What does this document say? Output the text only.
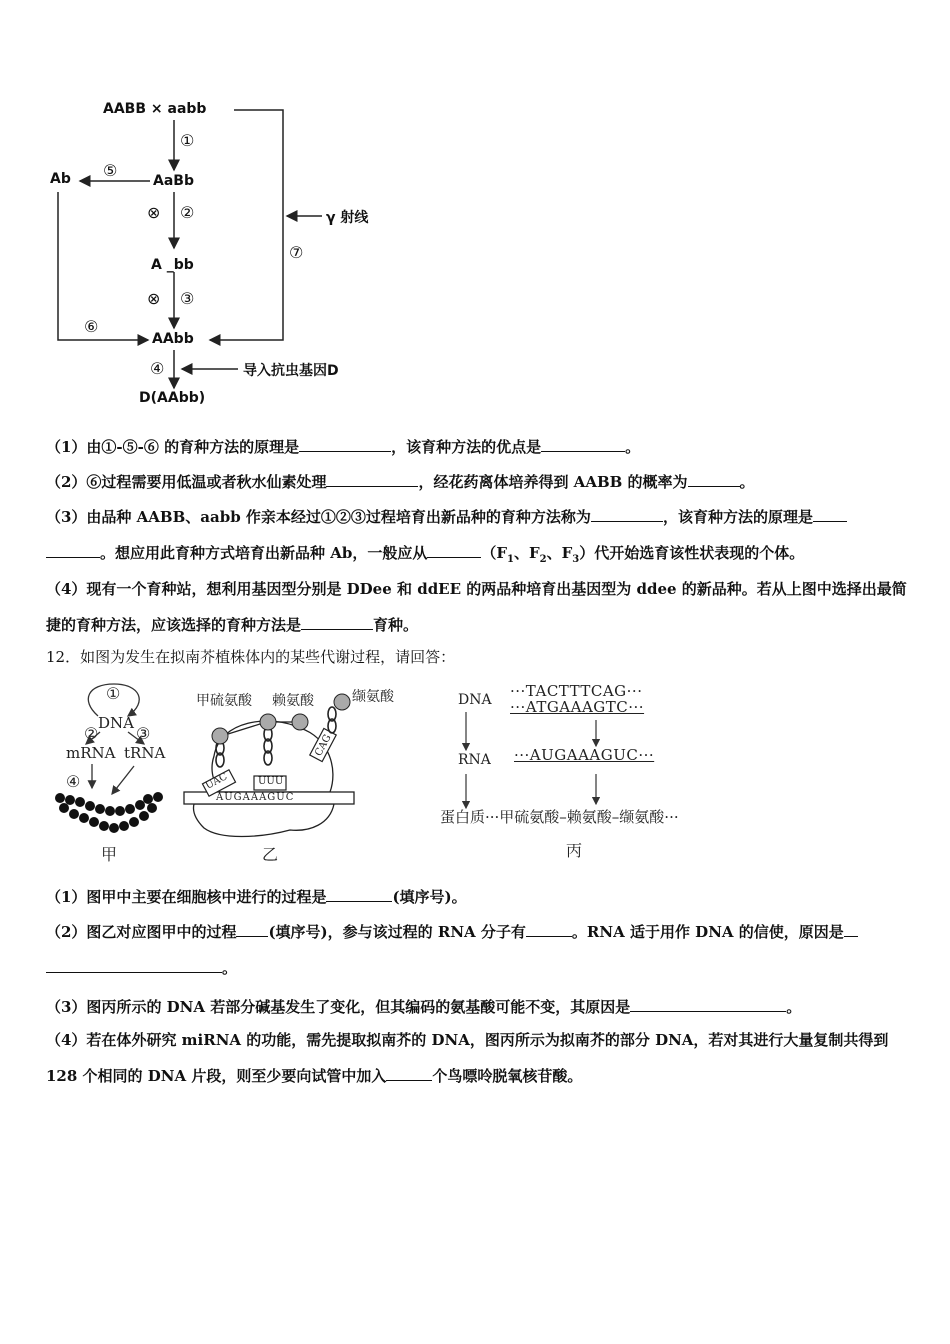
AABB × aabb
①
AaBb
Ab ⑤
⊗ ②	γ 射线
⑦
A _bb
⊗ ③
⑥
AAbb
④	导入抗虫基因D
D(AAbb)
（1）由①-⑤-⑥ 的育种方法的原理是	，该育种方法的优点是	。
（2）⑥过程需要用低温或者秋水仙素处理	，经花药离体培养得到 AABB 的概率为	。
（3）由品种 AABB、aabb 作亲本经过①②③过程培育出新品种的育种方法称为	，该育种方法的原理是
。想应用此育种方式培育出新品种 Ab，一般应从	（$F_1$、$F_2$、$F_3$）代开始选育该性状表现的个体。
（4）现有一个育种站，想利用基因型分别是 DDee 和 ddEE 的两品种培育出基因型为 ddee 的新品种。若从上图中选择出最简捷的育种方法，应该选择的育种方法是	育种。
12．如图为发生在拟南芥植株体内的某些代谢过程，请回答：
①
DNA
② ③
mRNA tRNA
④
甲
甲硫氨酸 赖氨酸	缬氨酸
UAC	UUU
CAG
AUGAAAGUC
乙
DNA ···TACTTTCAG···
···ATGAAAGTC···
RNA ···AUGAAAGUC···
蛋白质···甲硫氨酸–赖氨酸–缬氨酸···
丙
（1）图甲中主要在细胞核中进行的过程是	(填序号)。
（2）图乙对应图甲中的过程 (填序号)，参与该过程的 RNA 分子有	。RNA 适于用作 DNA 的信使，原因是
。
（3）图丙所示的 DNA 若部分碱基发生了变化，但其编码的氨基酸可能不变，其原因是	。
（4）若在体外研究 miRNA 的功能，需先提取拟南芥的 DNA，图丙所示为拟南芥的部分 DNA，若对其进行大量复制共得到 128 个相同的 DNA 片段，则至少要向试管中加入	个鸟嘌呤脱氧核苷酸。
